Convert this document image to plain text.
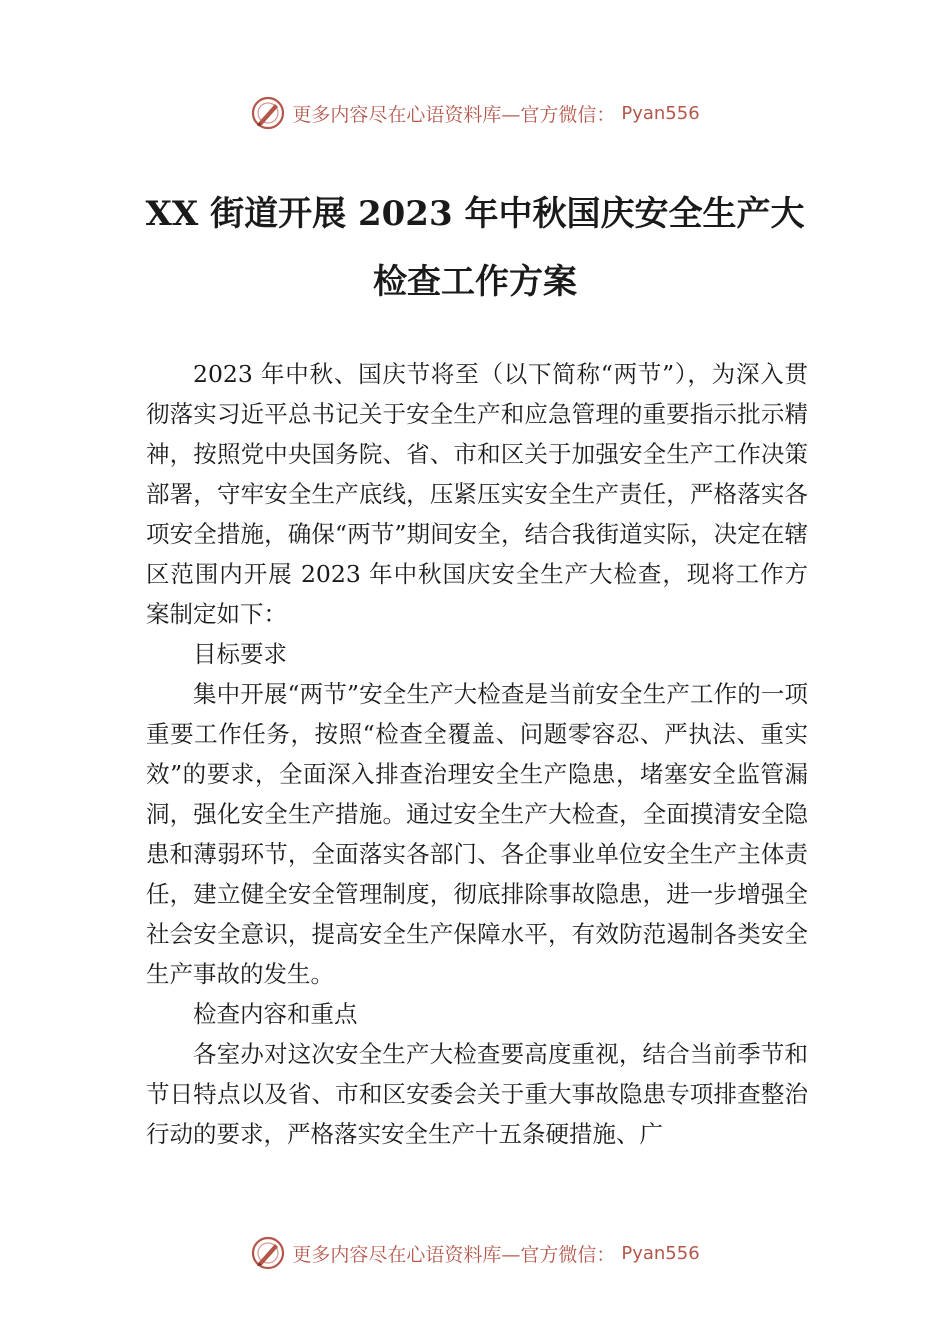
更多内容尽在心语资料库—官方微信： Pyan556
XX 街道开展 2023 年中秋国庆安全生产大
检查工作方案

2023 年中秋、国庆节将至（以下简称“两节”），为深入贯彻落实习近平总书记关于安全生产和应急管理的重要指示批示精神，按照党中央国务院、省、市和区关于加强安全生产工作决策部署，守牢安全生产底线，压紧压实安全生产责任，严格落实各项安全措施，确保“两节”期间安全，结合我街道实际，决定在辖区范围内开展 2023 年中秋国庆安全生产大检查，现将工作方案制定如下：

目标要求

集中开展“两节”安全生产大检查是当前安全生产工作的一项重要工作任务，按照“检查全覆盖、问题零容忍、严执法、重实效”的要求，全面深入排查治理安全生产隐患，堵塞安全监管漏洞，强化安全生产措施。通过安全生产大检查，全面摸清安全隐患和薄弱环节，全面落实各部门、各企事业单位安全生产主体责任，建立健全安全管理制度，彻底排除事故隐患，进一步增强全社会安全意识，提高安全生产保障水平，有效防范遏制各类安全生产事故的发生。

检查内容和重点

各室办对这次安全生产大检查要高度重视，结合当前季节和节日特点以及省、市和区安委会关于重大事故隐患专项排查整治行动的要求，严格落实安全生产十五条硬措施、广

更多内容尽在心语资料库—官方微信： Pyan556
